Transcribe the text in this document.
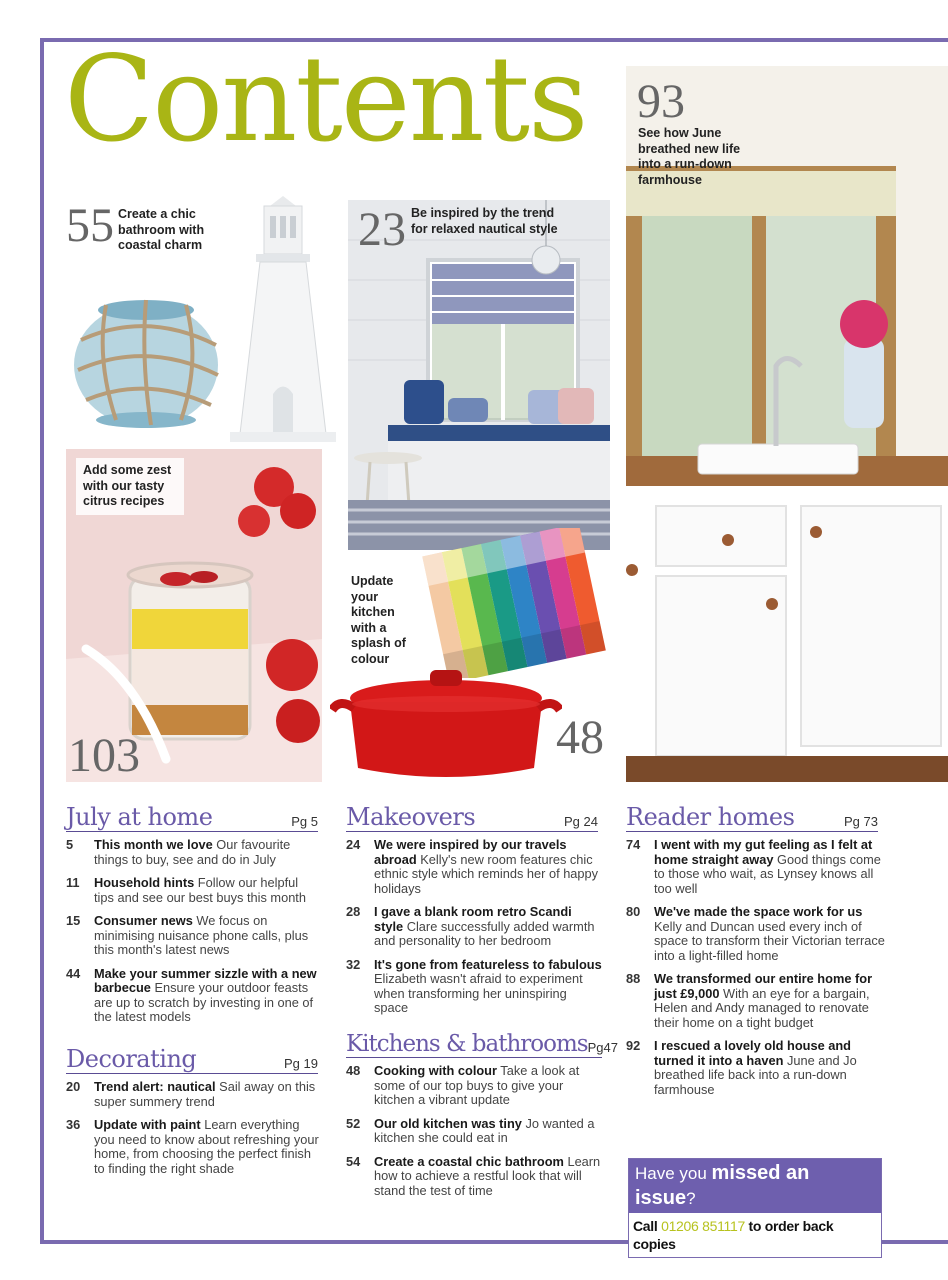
Contents
55 Create a chic bathroom with coastal charm	23 Be inspired by the trend for relaxed nautical style
93
See how June breathed new life into a run-down farmhouse
103
Add some zest with our tasty citrus recipes
Update your kitchen with a splash of colour
48
July at home	Pg 5
5	This month we love Our favourite things to buy, see and do in July
11	Household hints Follow our helpful tips and see our best buys this month
15	Consumer news We focus on minimising nuisance phone calls, plus this month's latest news
44	Make your summer sizzle with a new barbecue Ensure your outdoor feasts are up to scratch by investing in one of the latest models
Decorating	Pg 19
20	Trend alert: nautical Sail away on this super summery trend
36	Update with paint Learn everything you need to know about refreshing your home, from choosing the perfect finish to finding the right shade
Makeovers	Pg 24
24	We were inspired by our travels abroad Kelly's new room features chic ethnic style which reminds her of happy holidays
28	I gave a blank room retro Scandi style Clare successfully added warmth and personality to her bedroom
32	It's gone from featureless to fabulous Elizabeth wasn't afraid to experiment when transforming her uninspiring space
Kitchens & bathrooms Pg47
48	Cooking with colour Take a look at some of our top buys to give your kitchen a vibrant update
52	Our old kitchen was tiny Jo wanted a kitchen she could eat in
54	Create a coastal chic bathroom Learn how to achieve a restful look that will stand the test of time
Reader homes	Pg 73
74	I went with my gut feeling as I felt at home straight away Good things come to those who wait, as Lynsey knows all too well
80	We've made the space work for us Kelly and Duncan used every inch of space to transform their Victorian terrace into a light-filled home
88	We transformed our entire home for just £9,000 With an eye for a bargain, Helen and Andy managed to renovate their home on a tight budget
92	I rescued a lovely old house and turned it into a haven June and Jo breathed life back into a run-down farmhouse
Have you missed an issue?
Call 01206 851117 to order back copies
